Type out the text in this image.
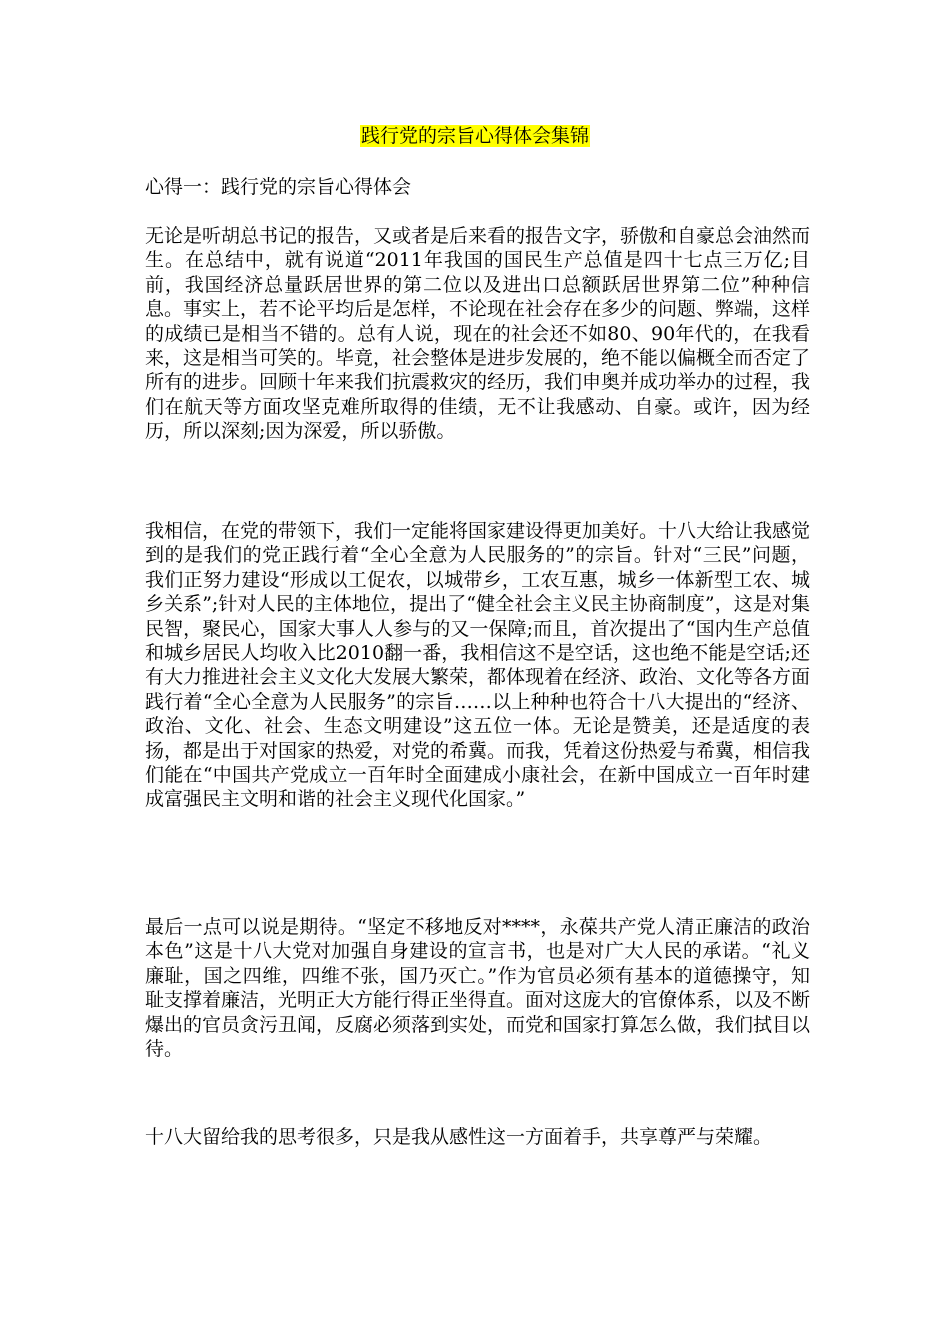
践行党的宗旨心得体会集锦
心得一：践行党的宗旨心得体会

无论是听胡总书记的报告，又或者是后来看的报告文字，骄傲和自豪总会油然而生。在总结中，就有说道“2011年我国的国民生产总值是四十七点三万亿;目前，我国经济总量跃居世界的第二位以及进出口总额跃居世界第二位”种种信息。事实上，若不论平均后是怎样，不论现在社会存在多少的问题、弊端，这样的成绩已是相当不错的。总有人说，现在的社会还不如80、90年代的，在我看来，这是相当可笑的。毕竟，社会整体是进步发展的，绝不能以偏概全而否定了所有的进步。回顾十年来我们抗震救灾的经历，我们申奥并成功举办的过程，我们在航天等方面攻坚克难所取得的佳绩，无不让我感动、自豪。或许，因为经历，所以深刻;因为深爱，所以骄傲。

我相信，在党的带领下，我们一定能将国家建设得更加美好。十八大给让我感觉到的是我们的党正践行着“全心全意为人民服务的”的宗旨。针对“三民”问题，我们正努力建设“形成以工促农，以城带乡，工农互惠，城乡一体新型工农、城乡关系”;针对人民的主体地位，提出了“健全社会主义民主协商制度”，这是对集民智，聚民心，国家大事人人参与的又一保障;而且，首次提出了“国内生产总值和城乡居民人均收入比2010翻一番，我相信这不是空话，这也绝不能是空话;还有大力推进社会主义文化大发展大繁荣，都体现着在经济、政治、文化等各方面践行着“全心全意为人民服务”的宗旨……以上种种也符合十八大提出的“经济、政治、文化、社会、生态文明建设”这五位一体。无论是赞美，还是适度的表扬，都是出于对国家的热爱，对党的希冀。而我，凭着这份热爱与希冀，相信我们能在“中国共产党成立一百年时全面建成小康社会，在新中国成立一百年时建成富强民主文明和谐的社会主义现代化国家。”

最后一点可以说是期待。“坚定不移地反对****，永葆共产党人清正廉洁的政治本色”这是十八大党对加强自身建设的宣言书，也是对广大人民的承诺。“礼义廉耻，国之四维，四维不张，国乃灭亡。”作为官员必须有基本的道德操守，知耻支撑着廉洁，光明正大方能行得正坐得直。面对这庞大的官僚体系，以及不断爆出的官员贪污丑闻，反腐必须落到实处，而党和国家打算怎么做，我们拭目以待。

十八大留给我的思考很多，只是我从感性这一方面着手，共享尊严与荣耀。
